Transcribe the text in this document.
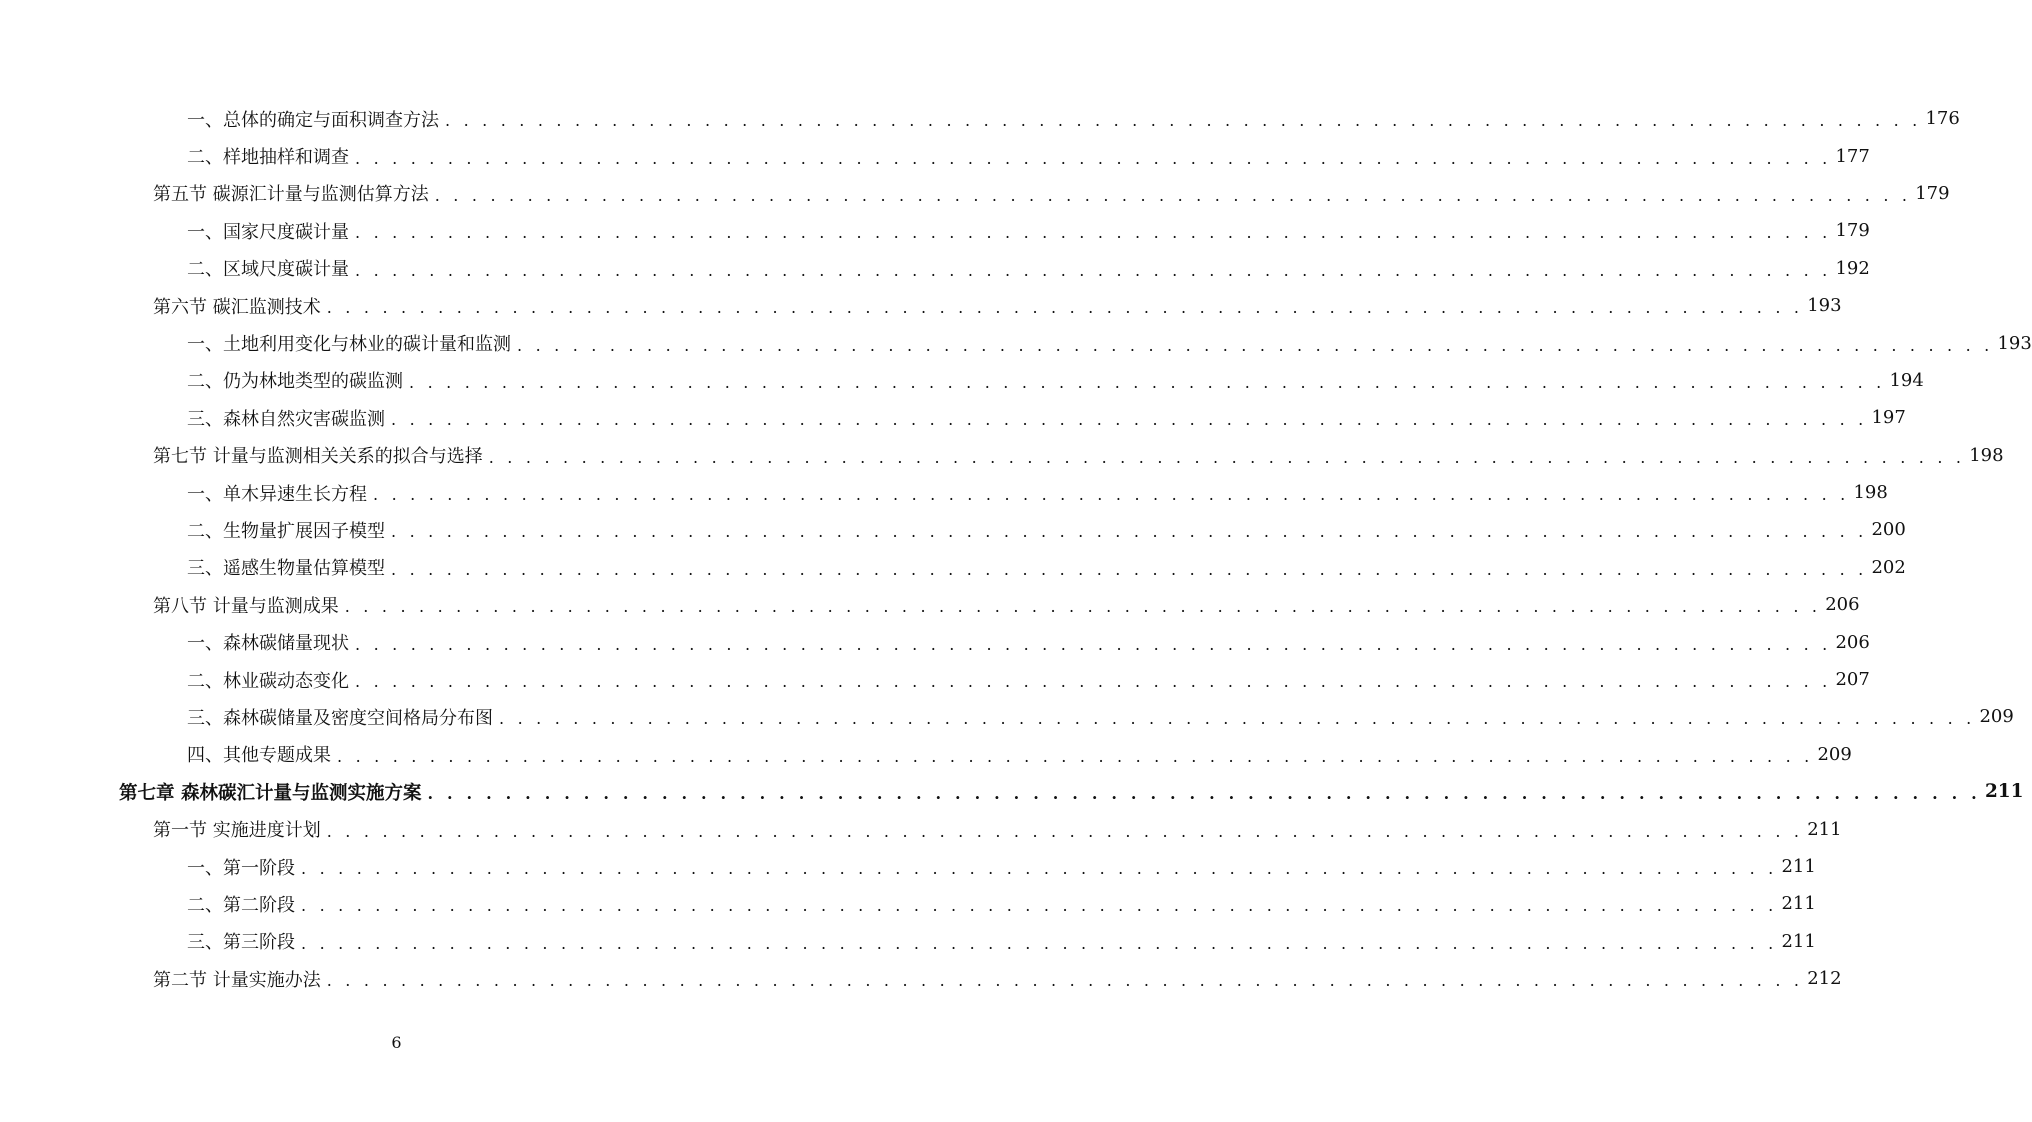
一、总体的确定与面积调查方法 . . . . . . . . . . . . . . . . . . . . . . . . . . . . . . . . . . . . . . . . . . . . . . . . . . . . . . . . . . . . . . . . . . . . . . . . . . . . . . . . 176
二、样地抽样和调查 . . . . . . . . . . . . . . . . . . . . . . . . . . . . . . . . . . . . . . . . . . . . . . . . . . . . . . . . . . . . . . . . . . . . . . . . . . . . . . . . 177
第五节 碳源汇计量与监测估算方法 . . . . . . . . . . . . . . . . . . . . . . . . . . . . . . . . . . . . . . . . . . . . . . . . . . . . . . . . . . . . . . . . . . . . . . . . . . . . . . . . 179
一、国家尺度碳计量 . . . . . . . . . . . . . . . . . . . . . . . . . . . . . . . . . . . . . . . . . . . . . . . . . . . . . . . . . . . . . . . . . . . . . . . . . . . . . . . . 179
二、区域尺度碳计量 . . . . . . . . . . . . . . . . . . . . . . . . . . . . . . . . . . . . . . . . . . . . . . . . . . . . . . . . . . . . . . . . . . . . . . . . . . . . . . . . 192
第六节 碳汇监测技术 . . . . . . . . . . . . . . . . . . . . . . . . . . . . . . . . . . . . . . . . . . . . . . . . . . . . . . . . . . . . . . . . . . . . . . . . . . . . . . . . 193
一、土地利用变化与林业的碳计量和监测 . . . . . . . . . . . . . . . . . . . . . . . . . . . . . . . . . . . . . . . . . . . . . . . . . . . . . . . . . . . . . . . . . . . . . . . . . . . . . . . . 193
二、仍为林地类型的碳监测 . . . . . . . . . . . . . . . . . . . . . . . . . . . . . . . . . . . . . . . . . . . . . . . . . . . . . . . . . . . . . . . . . . . . . . . . . . . . . . . . 194
三、森林自然灾害碳监测 . . . . . . . . . . . . . . . . . . . . . . . . . . . . . . . . . . . . . . . . . . . . . . . . . . . . . . . . . . . . . . . . . . . . . . . . . . . . . . . . 197
第七节 计量与监测相关关系的拟合与选择 . . . . . . . . . . . . . . . . . . . . . . . . . . . . . . . . . . . . . . . . . . . . . . . . . . . . . . . . . . . . . . . . . . . . . . . . . . . . . . . . 198
一、单木异速生长方程 . . . . . . . . . . . . . . . . . . . . . . . . . . . . . . . . . . . . . . . . . . . . . . . . . . . . . . . . . . . . . . . . . . . . . . . . . . . . . . . . 198
二、生物量扩展因子模型 . . . . . . . . . . . . . . . . . . . . . . . . . . . . . . . . . . . . . . . . . . . . . . . . . . . . . . . . . . . . . . . . . . . . . . . . . . . . . . . . 200
三、遥感生物量估算模型 . . . . . . . . . . . . . . . . . . . . . . . . . . . . . . . . . . . . . . . . . . . . . . . . . . . . . . . . . . . . . . . . . . . . . . . . . . . . . . . . 202
第八节 计量与监测成果 . . . . . . . . . . . . . . . . . . . . . . . . . . . . . . . . . . . . . . . . . . . . . . . . . . . . . . . . . . . . . . . . . . . . . . . . . . . . . . . . 206
一、森林碳储量现状 . . . . . . . . . . . . . . . . . . . . . . . . . . . . . . . . . . . . . . . . . . . . . . . . . . . . . . . . . . . . . . . . . . . . . . . . . . . . . . . . 206
二、林业碳动态变化 . . . . . . . . . . . . . . . . . . . . . . . . . . . . . . . . . . . . . . . . . . . . . . . . . . . . . . . . . . . . . . . . . . . . . . . . . . . . . . . . 207
三、森林碳储量及密度空间格局分布图 . . . . . . . . . . . . . . . . . . . . . . . . . . . . . . . . . . . . . . . . . . . . . . . . . . . . . . . . . . . . . . . . . . . . . . . . . . . . . . . . 209
四、其他专题成果 . . . . . . . . . . . . . . . . . . . . . . . . . . . . . . . . . . . . . . . . . . . . . . . . . . . . . . . . . . . . . . . . . . . . . . . . . . . . . . . . 209
第七章 森林碳汇计量与监测实施方案 . . . . . . . . . . . . . . . . . . . . . . . . . . . . . . . . . . . . . . . . . . . . . . . . . . . . . . . . . . . . . . . . . . . . . . . . . . . . . . . . 211
第一节 实施进度计划 . . . . . . . . . . . . . . . . . . . . . . . . . . . . . . . . . . . . . . . . . . . . . . . . . . . . . . . . . . . . . . . . . . . . . . . . . . . . . . . . 211
一、第一阶段 . . . . . . . . . . . . . . . . . . . . . . . . . . . . . . . . . . . . . . . . . . . . . . . . . . . . . . . . . . . . . . . . . . . . . . . . . . . . . . . . 211
二、第二阶段 . . . . . . . . . . . . . . . . . . . . . . . . . . . . . . . . . . . . . . . . . . . . . . . . . . . . . . . . . . . . . . . . . . . . . . . . . . . . . . . . 211
三、第三阶段 . . . . . . . . . . . . . . . . . . . . . . . . . . . . . . . . . . . . . . . . . . . . . . . . . . . . . . . . . . . . . . . . . . . . . . . . . . . . . . . . 211
第二节 计量实施办法 . . . . . . . . . . . . . . . . . . . . . . . . . . . . . . . . . . . . . . . . . . . . . . . . . . . . . . . . . . . . . . . . . . . . . . . . . . . . . . . . 212
6
